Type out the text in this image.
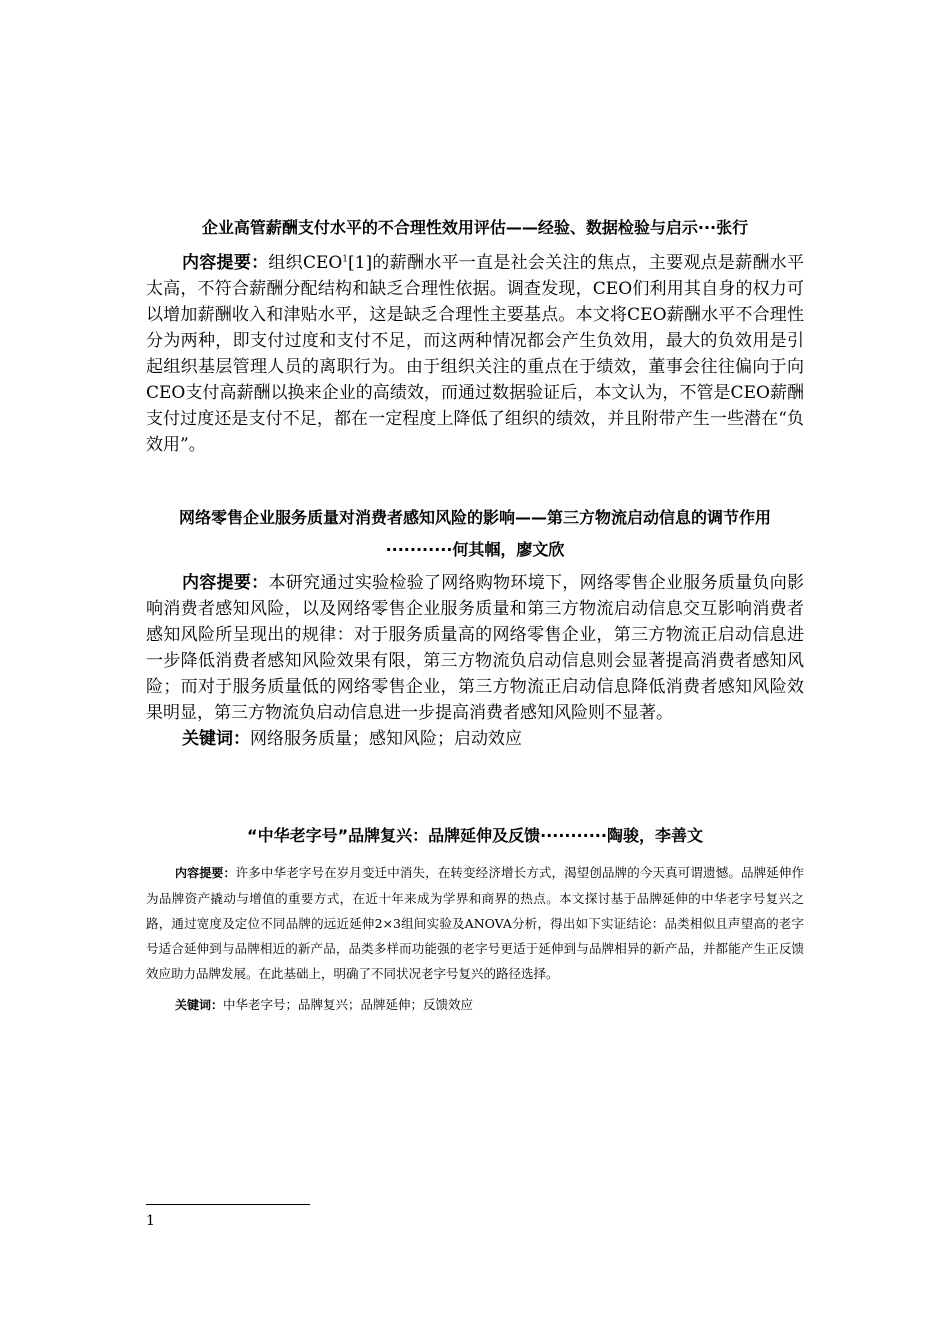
企业高管薪酬支付水平的不合理性效用评估——经验、数据检验与启示···张行

内容提要：组织CEO$^1$[1]的薪酬水平一直是社会关注的焦点，主要观点是薪酬水平太高，不符合薪酬分配结构和缺乏合理性依据。调查发现，CEO们利用其自身的权力可以增加薪酬收入和津贴水平，这是缺乏合理性主要基点。本文将CEO薪酬水平不合理性分为两种，即支付过度和支付不足，而这两种情况都会产生负效用，最大的负效用是引起组织基层管理人员的离职行为。由于组织关注的重点在于绩效，董事会往往偏向于向CEO支付高薪酬以换来企业的高绩效，而通过数据验证后，本文认为，不管是CEO薪酬支付过度还是支付不足，都在一定程度上降低了组织的绩效，并且附带产生一些潜在“负效用”。

网络零售企业服务质量对消费者感知风险的影响——第三方物流启动信息的调节作用···········何其帼，廖文欣

内容提要：本研究通过实验检验了网络购物环境下，网络零售企业服务质量负向影响消费者感知风险，以及网络零售企业服务质量和第三方物流启动信息交互影响消费者感知风险所呈现出的规律：对于服务质量高的网络零售企业，第三方物流正启动信息进一步降低消费者感知风险效果有限，第三方物流负启动信息则会显著提高消费者感知风险；而对于服务质量低的网络零售企业，第三方物流正启动信息降低消费者感知风险效果明显，第三方物流负启动信息进一步提高消费者感知风险则不显著。

关键词：网络服务质量；感知风险；启动效应

“中华老字号”品牌复兴：品牌延伸及反馈···········陶骏，李善文

内容提要：许多中华老字号在岁月变迁中消失，在转变经济增长方式，渴望创品牌的今天真可谓遗憾。品牌延伸作为品牌资产撬动与增值的重要方式，在近十年来成为学界和商界的热点。本文探讨基于品牌延伸的中华老字号复兴之路，通过宽度及定位不同品牌的远近延伸2×3组间实验及ANOVA分析，得出如下实证结论：品类相似且声望高的老字号适合延伸到与品牌相近的新产品，品类多样而功能强的老字号更适于延伸到与品牌相异的新产品，并都能产生正反馈效应助力品牌发展。在此基础上，明确了不同状况老字号复兴的路径选择。

关键词：中华老字号；品牌复兴；品牌延伸；反馈效应

1
